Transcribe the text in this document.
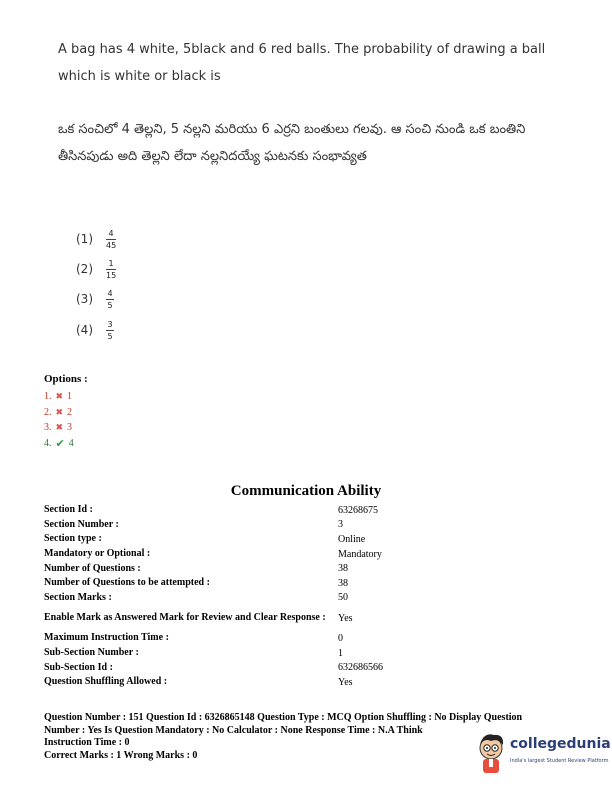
A bag has 4 white, 5black and 6 red balls. The probability of drawing a ball which is white or black is
ఒక సంచిలో 4 తెల్లని, 5 నల్లని మరియు 6 ఎర్రని బంతులు గలవు. ఆ సంచి నుండి ఒక బంతిని తీసినపుడు అది తెల్లని లేదా నల్లనిదయ్యే ఘటనకు సంభావ్యత
(1)	$\frac{4}{45}$
(2)	$\frac{1}{15}$
(3)	$\frac{4}{5}$
(4)	$\frac{3}{5}$
Options :
1. ✖ 1
2. ✖ 2
3. ✖ 3
4. ✔ 4
Communication Ability
Section Id :	63268675
Section Number :	3
Section type :	Online
Mandatory or Optional :	Mandatory
Number of Questions :	38
Number of Questions to be attempted :	38
Section Marks :	50
Enable Mark as Answered Mark for Review and Clear Response :	Yes
Maximum Instruction Time :	0
Sub-Section Number :	1
Sub-Section Id :	632686566
Question Shuffling Allowed :	Yes
Question Number : 151 Question Id : 6326865148 Question Type : MCQ Option Shuffling : No Display Question
Number : Yes Is Question Mandatory : No Calculator : None Response Time : N.A Think
Instruction Time : 0
Correct Marks : 1 Wrong Marks : 0
collegedunia
India's largest Student Review Platform
